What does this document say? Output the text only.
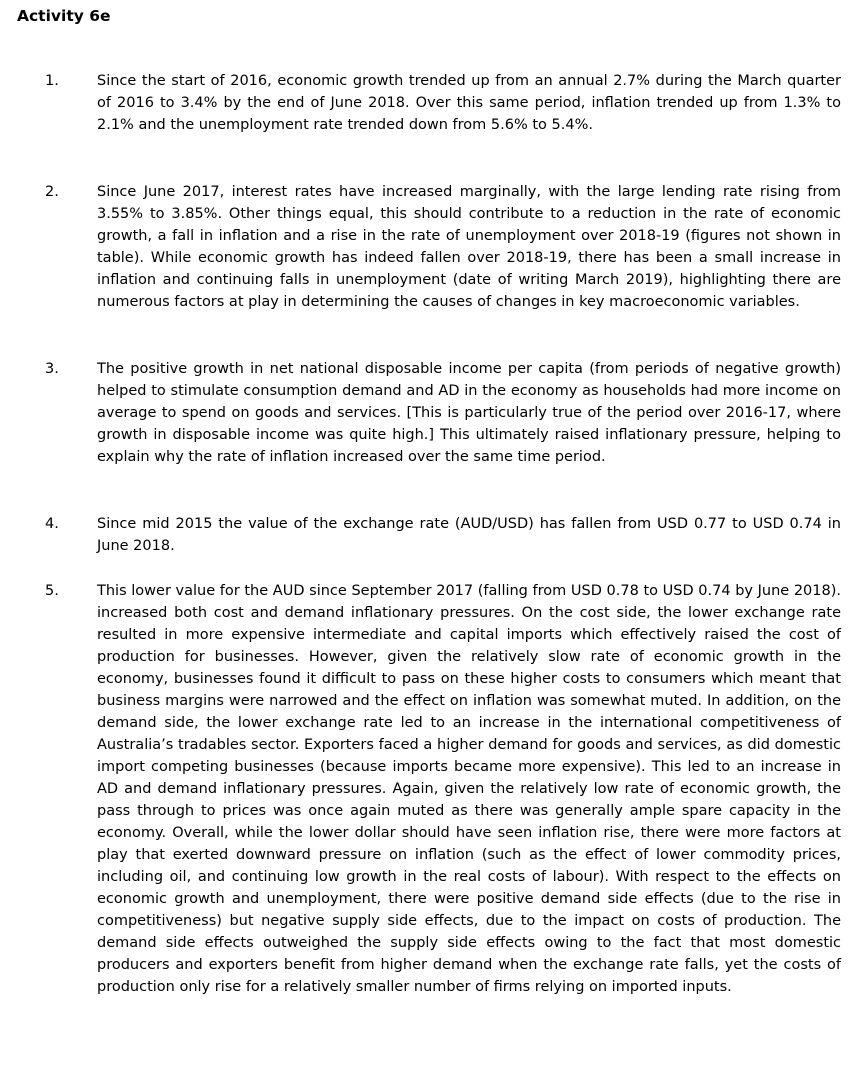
Activity 6e
1.	Since the start of 2016, economic growth trended up from an annual 2.7% during the March quarter of 2016 to 3.4% by the end of June 2018. Over this same period, inflation trended up from 1.3% to 2.1% and the unemployment rate trended down from 5.6% to 5.4%.

2.	Since June 2017, interest rates have increased marginally, with the large lending rate rising from 3.55% to 3.85%. Other things equal, this should contribute to a reduction in the rate of economic growth, a fall in inflation and a rise in the rate of unemployment over 2018-19 (figures not shown in table). While economic growth has indeed fallen over 2018-19, there has been a small increase in inflation and continuing falls in unemployment (date of writing March 2019), highlighting there are numerous factors at play in determining the causes of changes in key macroeconomic variables.

3.	The positive growth in net national disposable income per capita (from periods of negative growth) helped to stimulate consumption demand and AD in the economy as households had more income on average to spend on goods and services. [This is particularly true of the period over 2016-17, where growth in disposable income was quite high.] This ultimately raised inflationary pressure, helping to explain why the rate of inflation increased over the same time period.

4.	Since mid 2015 the value of the exchange rate (AUD/USD) has fallen from USD 0.77 to USD 0.74 in June 2018.

5.	This lower value for the AUD since September 2017 (falling from USD 0.78 to USD 0.74 by June 2018). increased both cost and demand inflationary pressures. On the cost side, the lower exchange rate resulted in more expensive intermediate and capital imports which effectively raised the cost of production for businesses. However, given the relatively slow rate of economic growth in the economy, businesses found it difficult to pass on these higher costs to consumers which meant that business margins were narrowed and the effect on inflation was somewhat muted. In addition, on the demand side, the lower exchange rate led to an increase in the international competitiveness of Australia’s tradables sector. Exporters faced a higher demand for goods and services, as did domestic import competing businesses (because imports became more expensive). This led to an increase in AD and demand inflationary pressures. Again, given the relatively low rate of economic growth, the pass through to prices was once again muted as there was generally ample spare capacity in the economy. Overall, while the lower dollar should have seen inflation rise, there were more factors at play that exerted downward pressure on inflation (such as the effect of lower commodity prices, including oil, and continuing low growth in the real costs of labour). With respect to the effects on economic growth and unemployment, there were positive demand side effects (due to the rise in competitiveness) but negative supply side effects, due to the impact on costs of production. The demand side effects outweighed the supply side effects owing to the fact that most domestic producers and exporters benefit from higher demand when the exchange rate falls, yet the costs of production only rise for a relatively smaller number of firms relying on imported inputs.
